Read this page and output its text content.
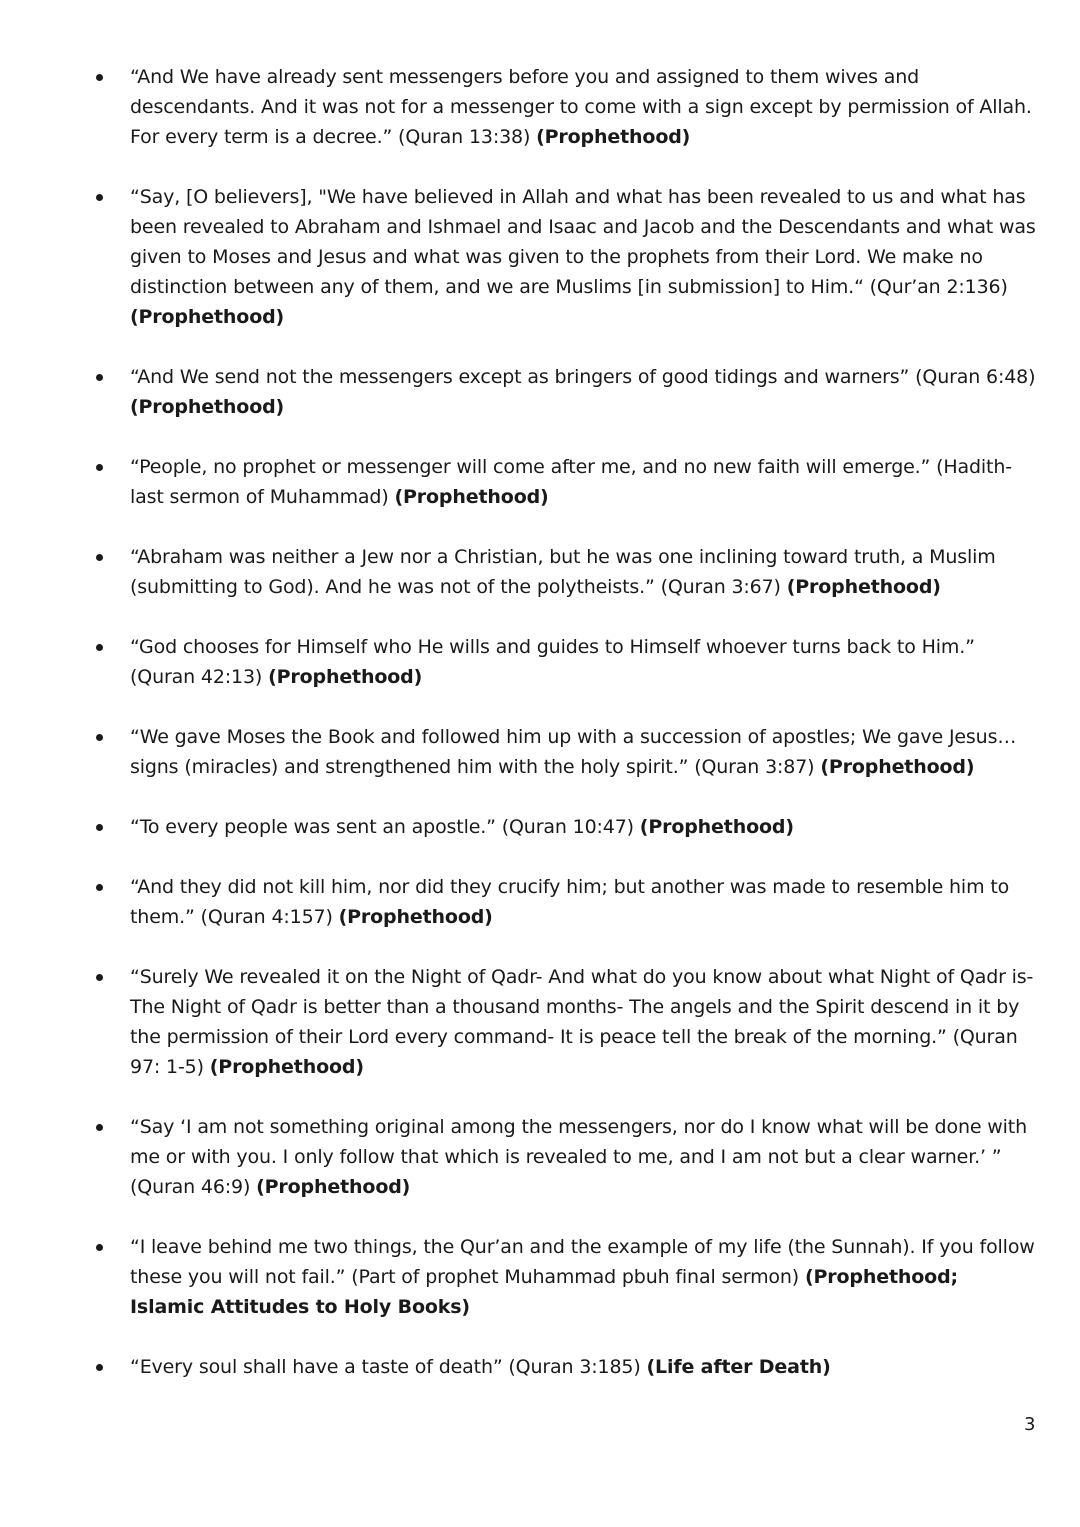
“And We have already sent messengers before you and assigned to them wives and descendants. And it was not for a messenger to come with a sign except by permission of Allah. For every term is a decree.” (Quran 13:38) (Prophethood)
“Say, [O believers], "We have believed in Allah and what has been revealed to us and what has been revealed to Abraham and Ishmael and Isaac and Jacob and the Descendants and what was given to Moses and Jesus and what was given to the prophets from their Lord. We make no distinction between any of them, and we are Muslims [in submission] to Him.“ (Qur’an 2:136) (Prophethood)
“And We send not the messengers except as bringers of good tidings and warners” (Quran 6:48) (Prophethood)
“People, no prophet or messenger will come after me, and no new faith will emerge.” (Hadith- last sermon of Muhammad) (Prophethood)
“Abraham was neither a Jew nor a Christian, but he was one inclining toward truth, a Muslim (submitting to God). And he was not of the polytheists.” (Quran 3:67) (Prophethood)
“God chooses for Himself who He wills and guides to Himself whoever turns back to Him.” (Quran 42:13) (Prophethood)
“We gave Moses the Book and followed him up with a succession of apostles; We gave Jesus…signs (miracles) and strengthened him with the holy spirit.” (Quran 3:87) (Prophethood)
“To every people was sent an apostle.” (Quran 10:47) (Prophethood)
“And they did not kill him, nor did they crucify him; but another was made to resemble him to them.” (Quran 4:157) (Prophethood)
“Surely We revealed it on the Night of Qadr- And what do you know about what Night of Qadr is- The Night of Qadr is better than a thousand months- The angels and the Spirit descend in it by the permission of their Lord every command- It is peace tell the break of the morning.” (Quran 97: 1-5) (Prophethood)
“Say ‘I am not something original among the messengers, nor do I know what will be done with me or with you. I only follow that which is revealed to me, and I am not but a clear warner.’ ” (Quran 46:9) (Prophethood)
“I leave behind me two things, the Qur’an and the example of my life (the Sunnah). If you follow these you will not fail.” (Part of prophet Muhammad pbuh final sermon) (Prophethood; Islamic Attitudes to Holy Books)
“Every soul shall have a taste of death” (Quran 3:185) (Life after Death)
3
